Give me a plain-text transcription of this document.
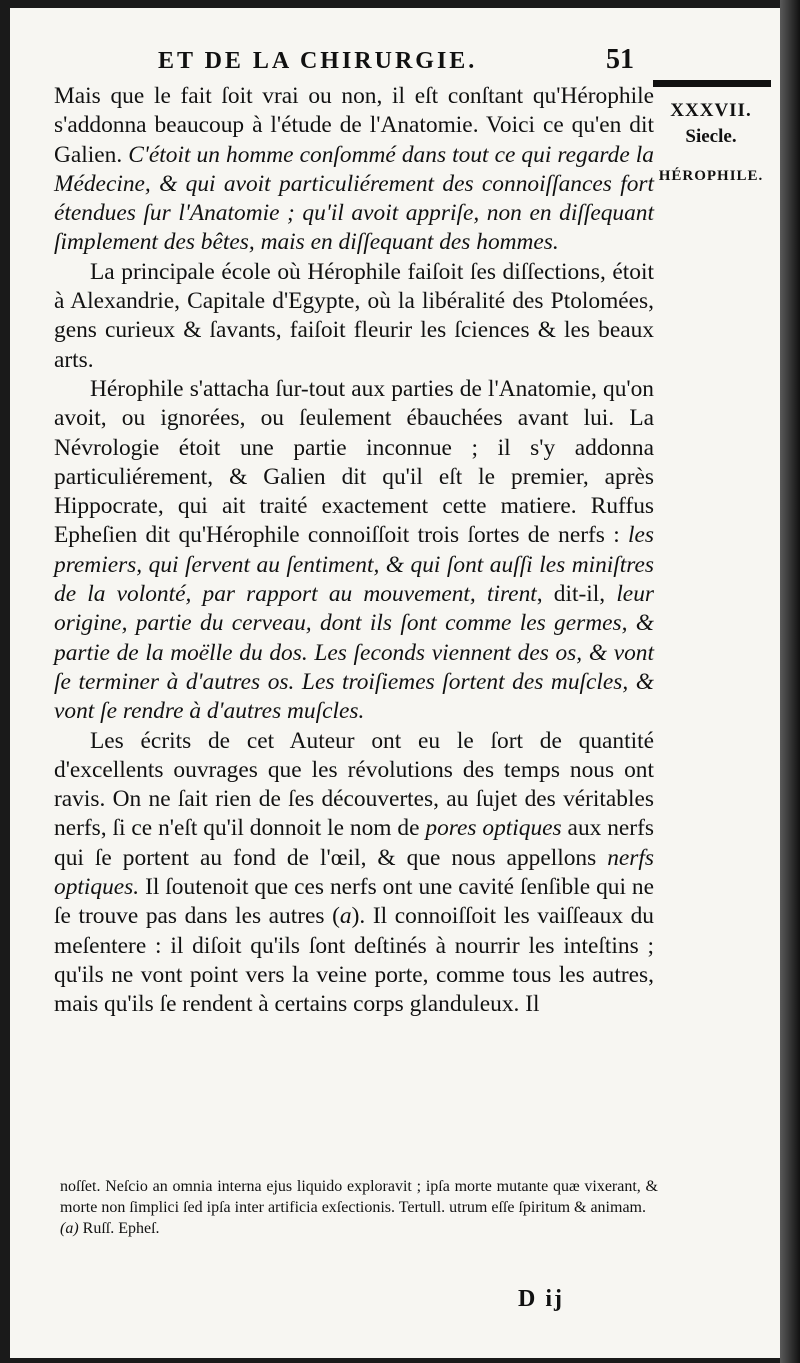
ET DE LA CHIRURGIE.	51
XXXVII.
Siecle.
HÉROPHILE.

Mais que le fait ſoit vrai ou non, il eſt conſtant qu'Hérophile s'addonna beaucoup à l'étude de l'Anatomie. Voici ce qu'en dit Galien. C'étoit un homme conſommé dans tout ce qui regarde la Médecine, & qui avoit particuliérement des connoiſſances fort étendues ſur l'Anatomie ; qu'il avoit appriſe, non en diſſequant ſimplement des bêtes, mais en diſſequant des hommes.

La principale école où Hérophile faiſoit ſes diſſections, étoit à Alexandrie, Capitale d'Egypte, où la libéralité des Ptolomées, gens curieux & ſavants, faiſoit fleurir les ſciences & les beaux arts.

Hérophile s'attacha ſur-tout aux parties de l'Anatomie, qu'on avoit, ou ignorées, ou ſeulement ébauchées avant lui. La Névrologie étoit une partie inconnue ; il s'y addonna particuliérement, & Galien dit qu'il eſt le premier, après Hippocrate, qui ait traité exactement cette matiere. Ruffus Epheſien dit qu'Hérophile connoiſſoit trois ſortes de nerfs : les premiers, qui ſervent au ſentiment, & qui ſont auſſi les miniſtres de la volonté, par rapport au mouvement, tirent, dit-il, leur origine, partie du cerveau, dont ils ſont comme les germes, & partie de la moëlle du dos. Les ſeconds viennent des os, & vont ſe terminer à d'autres os. Les troiſiemes ſortent des muſcles, & vont ſe rendre à d'autres muſcles.

Les écrits de cet Auteur ont eu le ſort de quantité d'excellents ouvrages que les révolutions des temps nous ont ravis. On ne ſait rien de ſes découvertes, au ſujet des véritables nerfs, ſi ce n'eſt qu'il donnoit le nom de pores optiques aux nerfs qui ſe portent au fond de l'œil, & que nous appellons nerfs optiques. Il ſoutenoit que ces nerfs ont une cavité ſenſible qui ne ſe trouve pas dans les autres (a). Il connoiſſoit les vaiſſeaux du meſentere : il diſoit qu'ils ſont deſtinés à nourrir les inteſtins ; qu'ils ne vont point vers la veine porte, comme tous les autres, mais qu'ils ſe rendent à certains corps glanduleux. Il

noſſet. Neſcio an omnia interna ejus liquido exploravit ; ipſa morte mutante quæ vixerant, & morte non ſimplici ſed ipſa inter artificia exſectionis. Tertull. utrum eſſe ſpiritum & animam.

(a) Ruſſ. Epheſ.

D ij
